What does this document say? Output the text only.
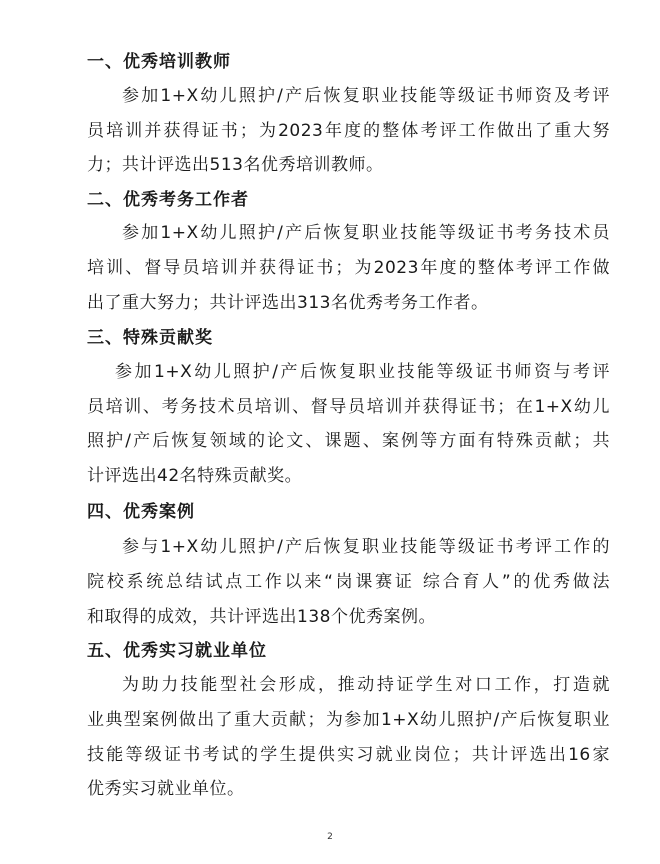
一、优秀培训教师
参加1+X幼儿照护/产后恢复职业技能等级证书师资及考评
员培训并获得证书；为2023年度的整体考评工作做出了重大努
力；共计评选出513名优秀培训教师。
二、优秀考务工作者
参加1+X幼儿照护/产后恢复职业技能等级证书考务技术员
培训、督导员培训并获得证书；为2023年度的整体考评工作做
出了重大努力；共计评选出313名优秀考务工作者。
三、特殊贡献奖
参加1+X幼儿照护/产后恢复职业技能等级证书师资与考评
员培训、考务技术员培训、督导员培训并获得证书；在1+X幼儿
照护/产后恢复领域的论文、课题、案例等方面有特殊贡献；共
计评选出42名特殊贡献奖。
四、优秀案例
参与1+X幼儿照护/产后恢复职业技能等级证书考评工作的
院校系统总结试点工作以来“岗课赛证 综合育人”的优秀做法
和取得的成效，共计评选出138个优秀案例。
五、优秀实习就业单位
为助力技能型社会形成，推动持证学生对口工作，打造就
业典型案例做出了重大贡献；为参加1+X幼儿照护/产后恢复职业
技能等级证书考试的学生提供实习就业岗位；共计评选出16家
优秀实习就业单位。
2
